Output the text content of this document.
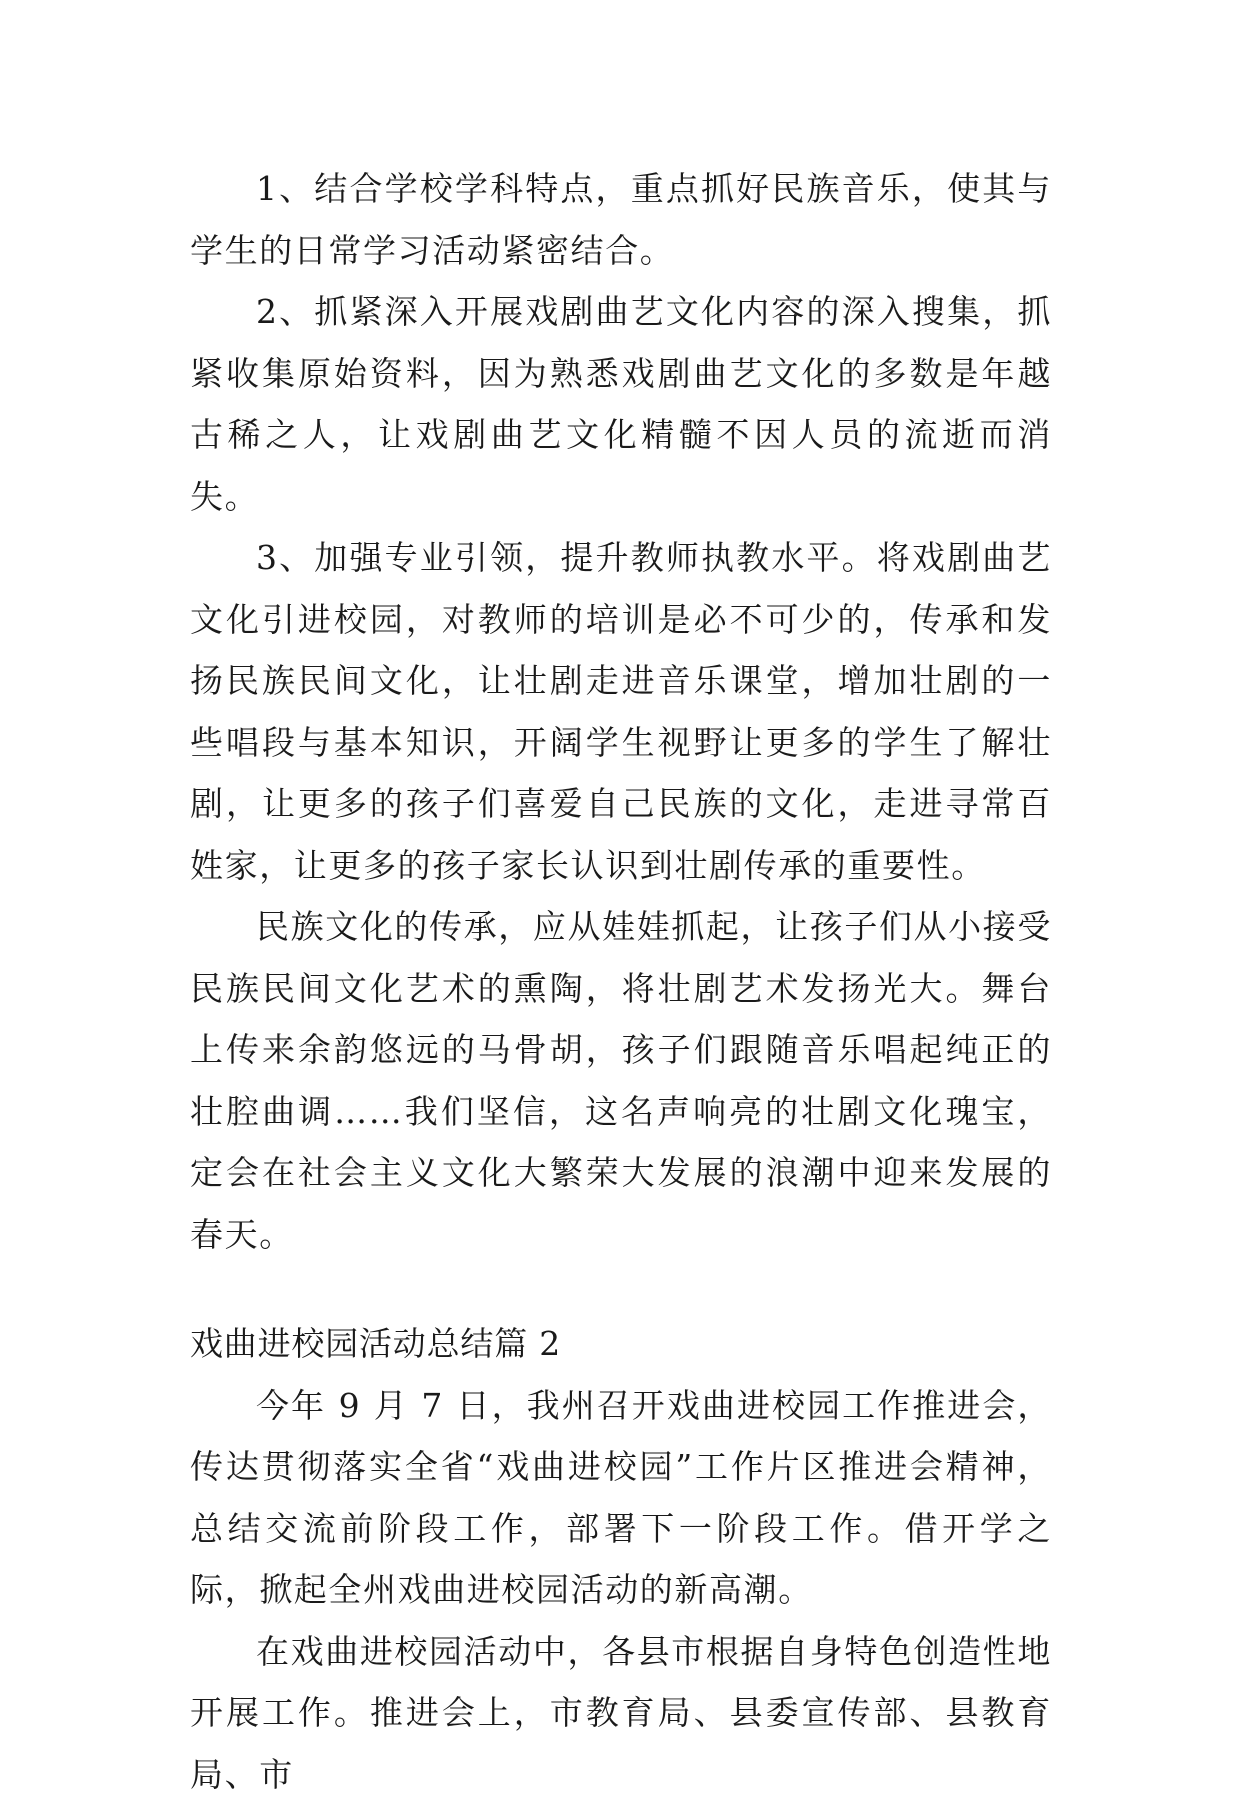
1、结合学校学科特点，重点抓好民族音乐，使其与学生的日常学习活动紧密结合。

2、抓紧深入开展戏剧曲艺文化内容的深入搜集，抓紧收集原始资料，因为熟悉戏剧曲艺文化的多数是年越古稀之人，让戏剧曲艺文化精髓不因人员的流逝而消失。

3、加强专业引领，提升教师执教水平。将戏剧曲艺文化引进校园，对教师的培训是必不可少的，传承和发扬民族民间文化，让壮剧走进音乐课堂，增加壮剧的一些唱段与基本知识，开阔学生视野让更多的学生了解壮剧，让更多的孩子们喜爱自己民族的文化，走进寻常百姓家，让更多的孩子家长认识到壮剧传承的重要性。

民族文化的传承，应从娃娃抓起，让孩子们从小接受民族民间文化艺术的熏陶，将壮剧艺术发扬光大。舞台上传来余韵悠远的马骨胡，孩子们跟随音乐唱起纯正的壮腔曲调……我们坚信，这名声响亮的壮剧文化瑰宝，定会在社会主义文化大繁荣大发展的浪潮中迎来发展的春天。

戏曲进校园活动总结篇 2

今年 9 月 7 日，我州召开戏曲进校园工作推进会，传达贯彻落实全省“戏曲进校园”工作片区推进会精神，总结交流前阶段工作，部署下一阶段工作。借开学之际，掀起全州戏曲进校园活动的新高潮。

在戏曲进校园活动中，各县市根据自身特色创造性地开展工作。推进会上，市教育局、县委宣传部、县教育局、市
